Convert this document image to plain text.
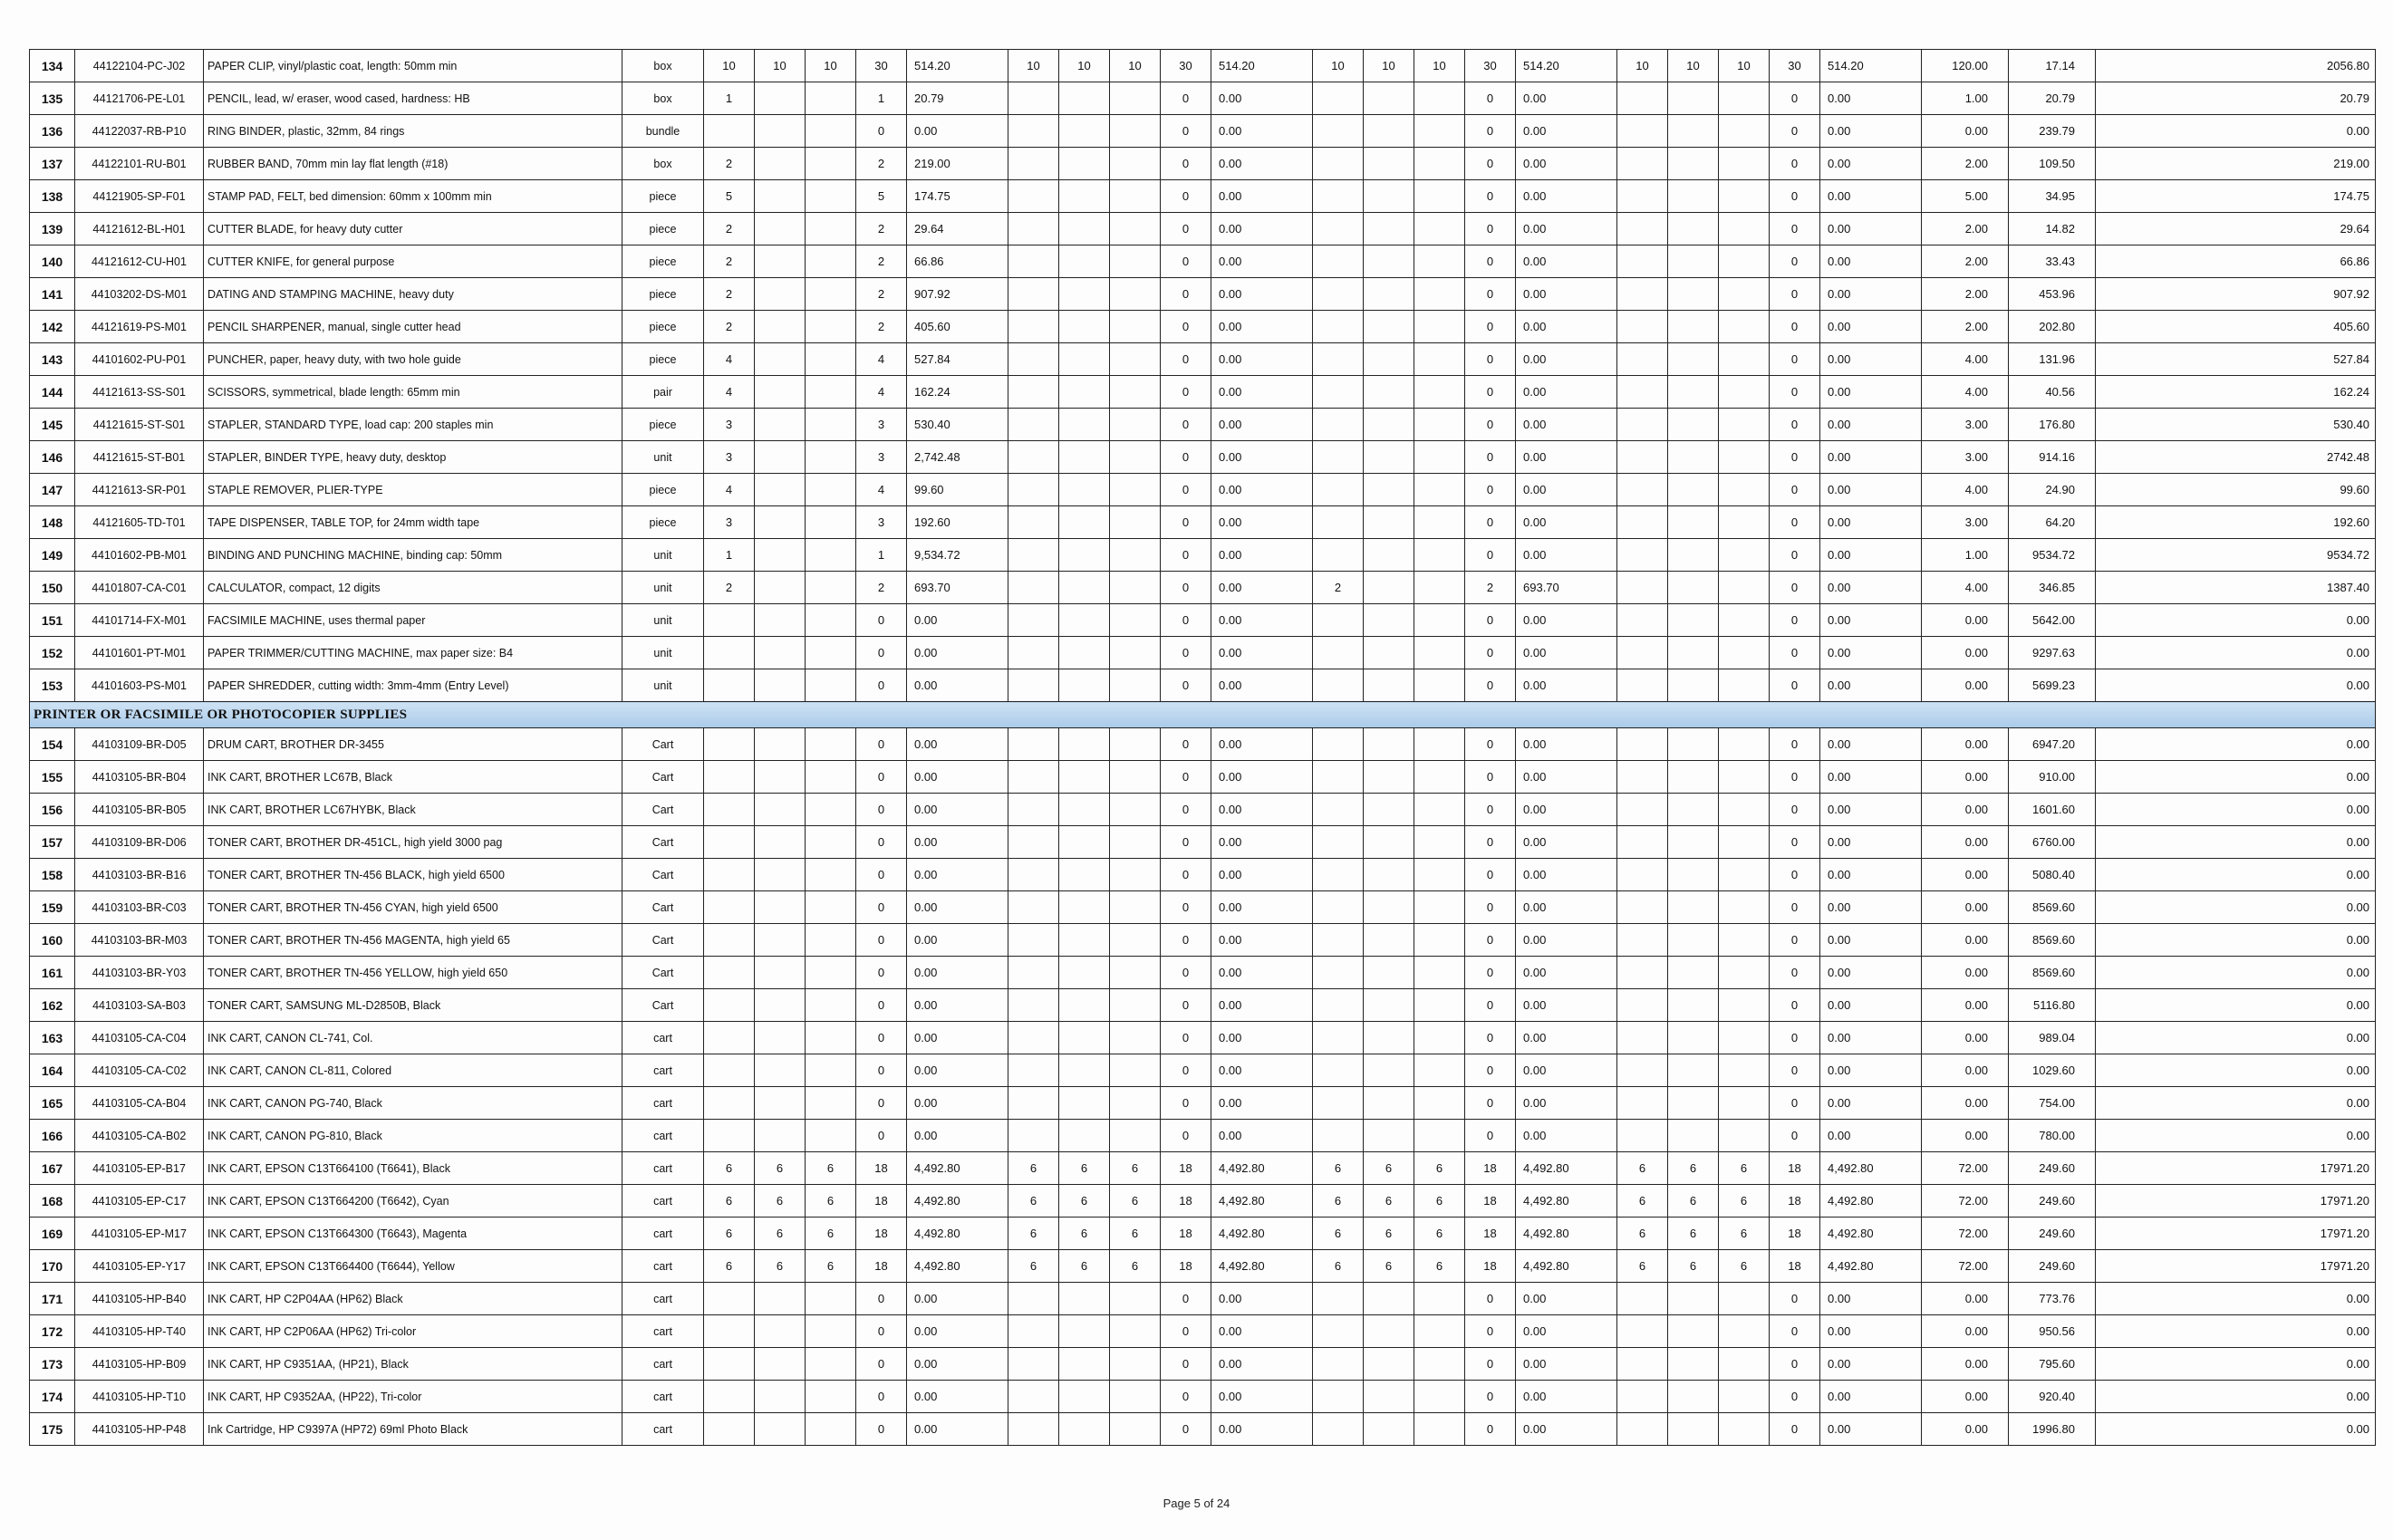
134	44122104-PC-J02	PAPER CLIP, vinyl/plastic coat, length: 50mm min	box	10	10	10	30	514.20	10	10	10	30	514.20	10	10	10	30	514.20	10	10	10	30	514.20	120.00	17.14	2056.80
135	44121706-PE-L01	PENCIL, lead, w/ eraser, wood cased, hardness: HB	box	1			1	20.79				0	0.00				0	0.00				0	0.00	1.00	20.79	20.79
136	44122037-RB-P10	RING BINDER, plastic, 32mm, 84 rings	bundle				0	0.00				0	0.00				0	0.00				0	0.00	0.00	239.79	0.00
137	44122101-RU-B01	RUBBER BAND, 70mm min lay flat length (#18)	box	2			2	219.00				0	0.00				0	0.00				0	0.00	2.00	109.50	219.00
138	44121905-SP-F01	STAMP PAD, FELT, bed dimension: 60mm x 100mm min	piece	5			5	174.75				0	0.00				0	0.00				0	0.00	5.00	34.95	174.75
139	44121612-BL-H01	CUTTER BLADE, for heavy duty cutter	piece	2			2	29.64				0	0.00				0	0.00				0	0.00	2.00	14.82	29.64
140	44121612-CU-H01	CUTTER KNIFE, for general purpose	piece	2			2	66.86				0	0.00				0	0.00				0	0.00	2.00	33.43	66.86
141	44103202-DS-M01	DATING AND STAMPING MACHINE, heavy duty	piece	2			2	907.92				0	0.00				0	0.00				0	0.00	2.00	453.96	907.92
142	44121619-PS-M01	PENCIL SHARPENER, manual, single cutter head	piece	2			2	405.60				0	0.00				0	0.00				0	0.00	2.00	202.80	405.60
143	44101602-PU-P01	PUNCHER, paper, heavy duty, with two hole guide	piece	4			4	527.84				0	0.00				0	0.00				0	0.00	4.00	131.96	527.84
144	44121613-SS-S01	SCISSORS, symmetrical, blade length: 65mm min	pair	4			4	162.24				0	0.00				0	0.00				0	0.00	4.00	40.56	162.24
145	44121615-ST-S01	STAPLER, STANDARD TYPE, load cap: 200 staples min	piece	3			3	530.40				0	0.00				0	0.00				0	0.00	3.00	176.80	530.40
146	44121615-ST-B01	STAPLER, BINDER TYPE, heavy duty, desktop	unit	3			3	2,742.48				0	0.00				0	0.00				0	0.00	3.00	914.16	2742.48
147	44121613-SR-P01	STAPLE REMOVER, PLIER-TYPE	piece	4			4	99.60				0	0.00				0	0.00				0	0.00	4.00	24.90	99.60
148	44121605-TD-T01	TAPE DISPENSER, TABLE TOP, for 24mm width tape	piece	3			3	192.60				0	0.00				0	0.00				0	0.00	3.00	64.20	192.60
149	44101602-PB-M01	BINDING AND PUNCHING MACHINE, binding cap: 50mm	unit	1			1	9,534.72				0	0.00				0	0.00				0	0.00	1.00	9534.72	9534.72
150	44101807-CA-C01	CALCULATOR, compact, 12 digits	unit	2			2	693.70				0	0.00	2			2	693.70				0	0.00	4.00	346.85	1387.40
151	44101714-FX-M01	FACSIMILE MACHINE, uses thermal paper	unit				0	0.00				0	0.00				0	0.00				0	0.00	0.00	5642.00	0.00
152	44101601-PT-M01	PAPER TRIMMER/CUTTING MACHINE, max paper size: B4	unit				0	0.00				0	0.00				0	0.00				0	0.00	0.00	9297.63	0.00
153	44101603-PS-M01	PAPER SHREDDER, cutting width: 3mm-4mm (Entry Level)	unit				0	0.00				0	0.00				0	0.00				0	0.00	0.00	5699.23	0.00
PRINTER OR FACSIMILE OR PHOTOCOPIER SUPPLIES																										
154	44103109-BR-D05	DRUM CART, BROTHER DR-3455	Cart				0	0.00				0	0.00				0	0.00				0	0.00	0.00	6947.20	0.00
155	44103105-BR-B04	INK CART, BROTHER LC67B, Black	Cart				0	0.00				0	0.00				0	0.00				0	0.00	0.00	910.00	0.00
156	44103105-BR-B05	INK CART, BROTHER LC67HYBK, Black	Cart				0	0.00				0	0.00				0	0.00				0	0.00	0.00	1601.60	0.00
157	44103109-BR-D06	TONER CART, BROTHER DR-451CL, high yield 3000 pag	Cart				0	0.00				0	0.00				0	0.00				0	0.00	0.00	6760.00	0.00
158	44103103-BR-B16	TONER CART, BROTHER TN-456 BLACK, high yield 6500	Cart				0	0.00				0	0.00				0	0.00				0	0.00	0.00	5080.40	0.00
159	44103103-BR-C03	TONER CART, BROTHER TN-456 CYAN, high yield 6500	Cart				0	0.00				0	0.00				0	0.00				0	0.00	0.00	8569.60	0.00
160	44103103-BR-M03	TONER CART, BROTHER TN-456 MAGENTA, high yield 65	Cart				0	0.00				0	0.00				0	0.00				0	0.00	0.00	8569.60	0.00
161	44103103-BR-Y03	TONER CART, BROTHER TN-456 YELLOW, high yield 650	Cart				0	0.00				0	0.00				0	0.00				0	0.00	0.00	8569.60	0.00
162	44103103-SA-B03	TONER CART, SAMSUNG ML-D2850B, Black	Cart				0	0.00				0	0.00				0	0.00				0	0.00	0.00	5116.80	0.00
163	44103105-CA-C04	INK CART, CANON CL-741, Col.	cart				0	0.00				0	0.00				0	0.00				0	0.00	0.00	989.04	0.00
164	44103105-CA-C02	INK CART, CANON CL-811, Colored	cart				0	0.00				0	0.00				0	0.00				0	0.00	0.00	1029.60	0.00
165	44103105-CA-B04	INK CART, CANON PG-740, Black	cart				0	0.00				0	0.00				0	0.00				0	0.00	0.00	754.00	0.00
166	44103105-CA-B02	INK CART, CANON PG-810, Black	cart				0	0.00				0	0.00				0	0.00				0	0.00	0.00	780.00	0.00
167	44103105-EP-B17	INK CART, EPSON C13T664100 (T6641), Black	cart	6	6	6	18	4,492.80	6	6	6	18	4,492.80	6	6	6	18	4,492.80	6	6	6	18	4,492.80	72.00	249.60	17971.20
168	44103105-EP-C17	INK CART, EPSON C13T664200 (T6642), Cyan	cart	6	6	6	18	4,492.80	6	6	6	18	4,492.80	6	6	6	18	4,492.80	6	6	6	18	4,492.80	72.00	249.60	17971.20
169	44103105-EP-M17	INK CART, EPSON C13T664300 (T6643), Magenta	cart	6	6	6	18	4,492.80	6	6	6	18	4,492.80	6	6	6	18	4,492.80	6	6	6	18	4,492.80	72.00	249.60	17971.20
170	44103105-EP-Y17	INK CART, EPSON C13T664400 (T6644), Yellow	cart	6	6	6	18	4,492.80	6	6	6	18	4,492.80	6	6	6	18	4,492.80	6	6	6	18	4,492.80	72.00	249.60	17971.20
171	44103105-HP-B40	INK CART, HP C2P04AA (HP62) Black	cart				0	0.00				0	0.00				0	0.00				0	0.00	0.00	773.76	0.00
172	44103105-HP-T40	INK CART, HP C2P06AA (HP62) Tri-color	cart				0	0.00				0	0.00				0	0.00				0	0.00	0.00	950.56	0.00
173	44103105-HP-B09	INK CART, HP C9351AA, (HP21), Black	cart				0	0.00				0	0.00				0	0.00				0	0.00	0.00	795.60	0.00
174	44103105-HP-T10	INK CART, HP C9352AA, (HP22), Tri-color	cart				0	0.00				0	0.00				0	0.00				0	0.00	0.00	920.40	0.00
175	44103105-HP-P48	Ink Cartridge, HP C9397A (HP72) 69ml Photo Black	cart				0	0.00				0	0.00				0	0.00				0	0.00	0.00	1996.80	0.00
Page 5 of 24
